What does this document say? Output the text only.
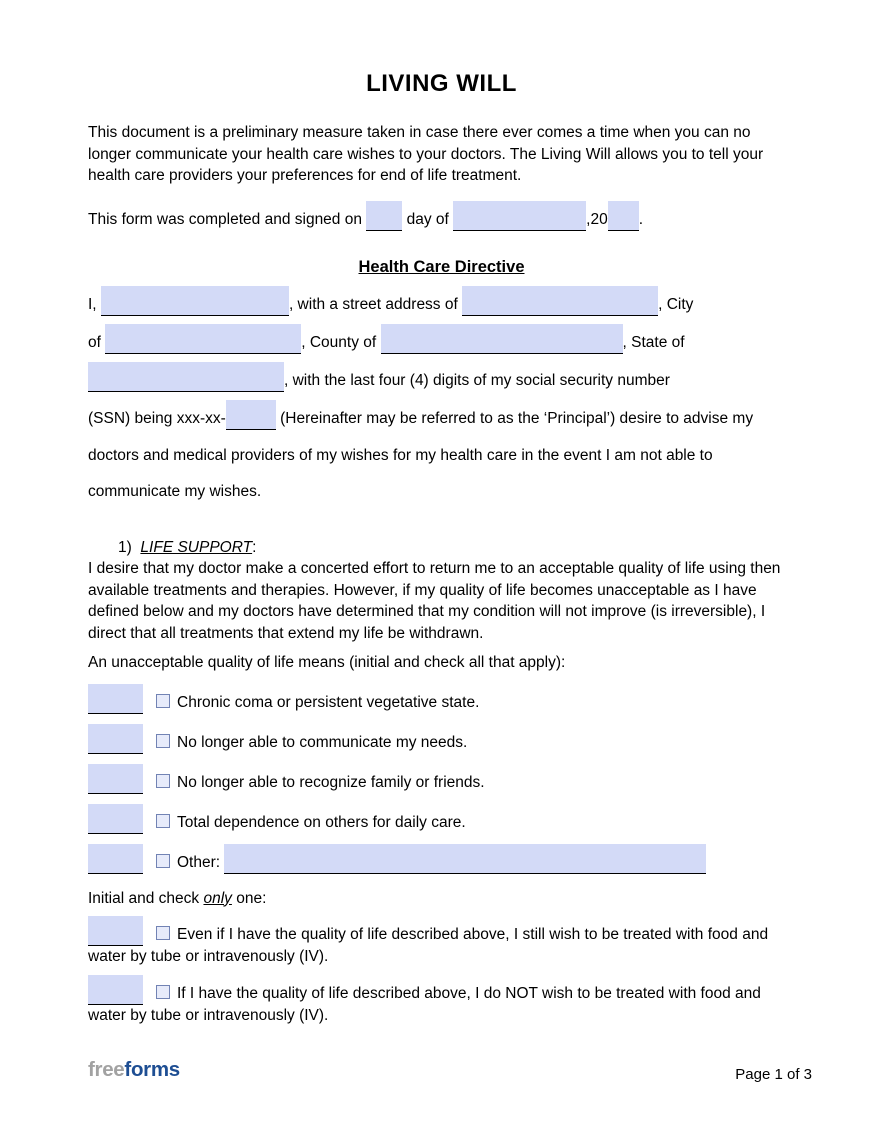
LIVING WILL
This document is a preliminary measure taken in case there ever comes a time when you can no longer communicate your health care wishes to your doctors. The Living Will allows you to tell your health care providers your preferences for end of life treatment.
This form was completed and signed on	day of	,20 .
Health Care Directive
I,	, with a street address of	, City
of	, County of	, State of
, with the last four (4) digits of my social security number
(SSN) being xxx-xx-	(Hereinafter may be referred to as the ‘Principal’) desire to advise my
doctors and medical providers of my wishes for my health care in the event I am not able to
communicate my wishes.
1) LIFE SUPPORT:
I desire that my doctor make a concerted effort to return me to an acceptable quality of life using then available treatments and therapies. However, if my quality of life becomes unacceptable as I have defined below and my doctors have determined that my condition will not improve (is irreversible), I direct that all treatments that extend my life be withdrawn.
An unacceptable quality of life means (initial and check all that apply):
Chronic coma or persistent vegetative state.
No longer able to communicate my needs.
No longer able to recognize family or friends.
Total dependence on others for daily care.
Other:
Initial and check only one:
Even if I have the quality of life described above, I still wish to be treated with food and water by tube or intravenously (IV).
If I have the quality of life described above, I do NOT wish to be treated with food and water by tube or intravenously (IV).
freeforms	Page 1 of 3
